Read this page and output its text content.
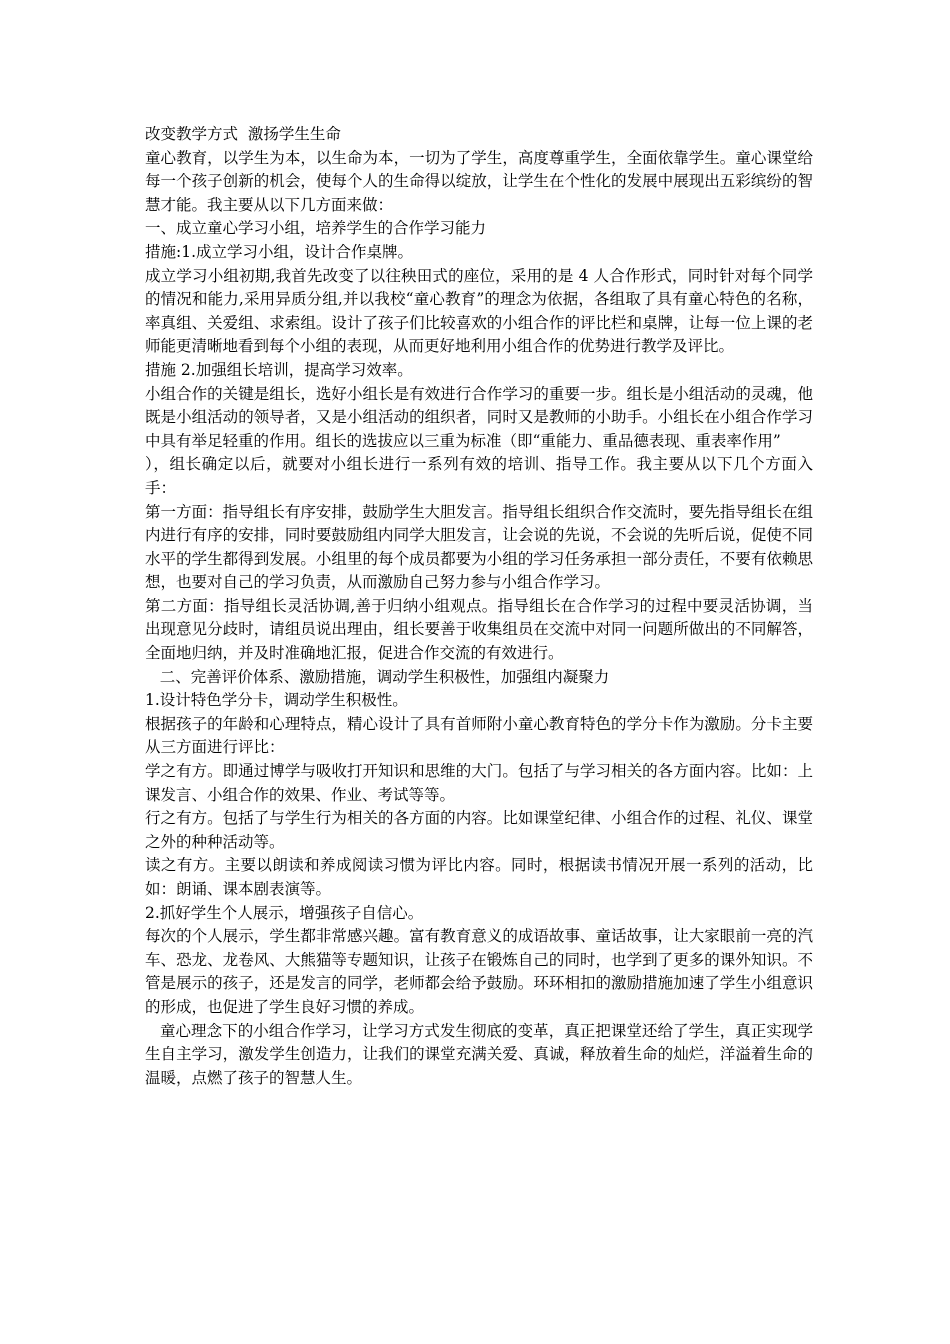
改变教学方式  激扬学生生命
童心教育，以学生为本，以生命为本，一切为了学生，高度尊重学生，全面依靠学生。童心课堂给每一个孩子创新的机会，使每个人的生命得以绽放，让学生在个性化的发展中展现出五彩缤纷的智慧才能。我主要从以下几方面来做：
一、成立童心学习小组，培养学生的合作学习能力
措施:1.成立学习小组，设计合作桌牌。
成立学习小组初期,我首先改变了以往秧田式的座位，采用的是 4 人合作形式，同时针对每个同学的情况和能力,采用异质分组,并以我校“童心教育”的理念为依据，各组取了具有童心特色的名称，率真组、关爱组、求索组。设计了孩子们比较喜欢的小组合作的评比栏和桌牌，让每一位上课的老师能更清晰地看到每个小组的表现，从而更好地利用小组合作的优势进行教学及评比。
措施 2.加强组长培训，提高学习效率。
小组合作的关键是组长，选好小组长是有效进行合作学习的重要一步。组长是小组活动的灵魂，他既是小组活动的领导者，又是小组活动的组织者，同时又是教师的小助手。小组长在小组合作学习中具有举足轻重的作用。组长的选拔应以三重为标准（即“重能力、重品德表现、重表率作用”
），组长确定以后，就要对小组长进行一系列有效的培训、指导工作。我主要从以下几个方面入手：
第一方面：指导组长有序安排，鼓励学生大胆发言。指导组长组织合作交流时，要先指导组长在组内进行有序的安排，同时要鼓励组内同学大胆发言，让会说的先说，不会说的先听后说，促使不同水平的学生都得到发展。小组里的每个成员都要为小组的学习任务承担一部分责任，不要有依赖思想，也要对自己的学习负责，从而激励自己努力参与小组合作学习。
第二方面：指导组长灵活协调,善于归纳小组观点。指导组长在合作学习的过程中要灵活协调，当出现意见分歧时，请组员说出理由，组长要善于收集组员在交流中对同一问题所做出的不同解答，全面地归纳，并及时准确地汇报，促进合作交流的有效进行。
二、完善评价体系、激励措施，调动学生积极性，加强组内凝聚力
1.设计特色学分卡，调动学生积极性。
根据孩子的年龄和心理特点，精心设计了具有首师附小童心教育特色的学分卡作为激励。分卡主要从三方面进行评比：
学之有方。即通过博学与吸收打开知识和思维的大门。包括了与学习相关的各方面内容。比如：上课发言、小组合作的效果、作业、考试等等。
行之有方。包括了与学生行为相关的各方面的内容。比如课堂纪律、小组合作的过程、礼仪、课堂之外的种种活动等。
读之有方。主要以朗读和养成阅读习惯为评比内容。同时，根据读书情况开展一系列的活动，比如：朗诵、课本剧表演等。
2.抓好学生个人展示，增强孩子自信心。
每次的个人展示，学生都非常感兴趣。富有教育意义的成语故事、童话故事，让大家眼前一亮的汽车、恐龙、龙卷风、大熊猫等专题知识，让孩子在锻炼自己的同时，也学到了更多的课外知识。不管是展示的孩子，还是发言的同学，老师都会给予鼓励。环环相扣的激励措施加速了学生小组意识的形成，也促进了学生良好习惯的养成。
童心理念下的小组合作学习，让学习方式发生彻底的变革，真正把课堂还给了学生，真正实现学生自主学习，激发学生创造力，让我们的课堂充满关爱、真诚，释放着生命的灿烂，洋溢着生命的温暖，点燃了孩子的智慧人生。
